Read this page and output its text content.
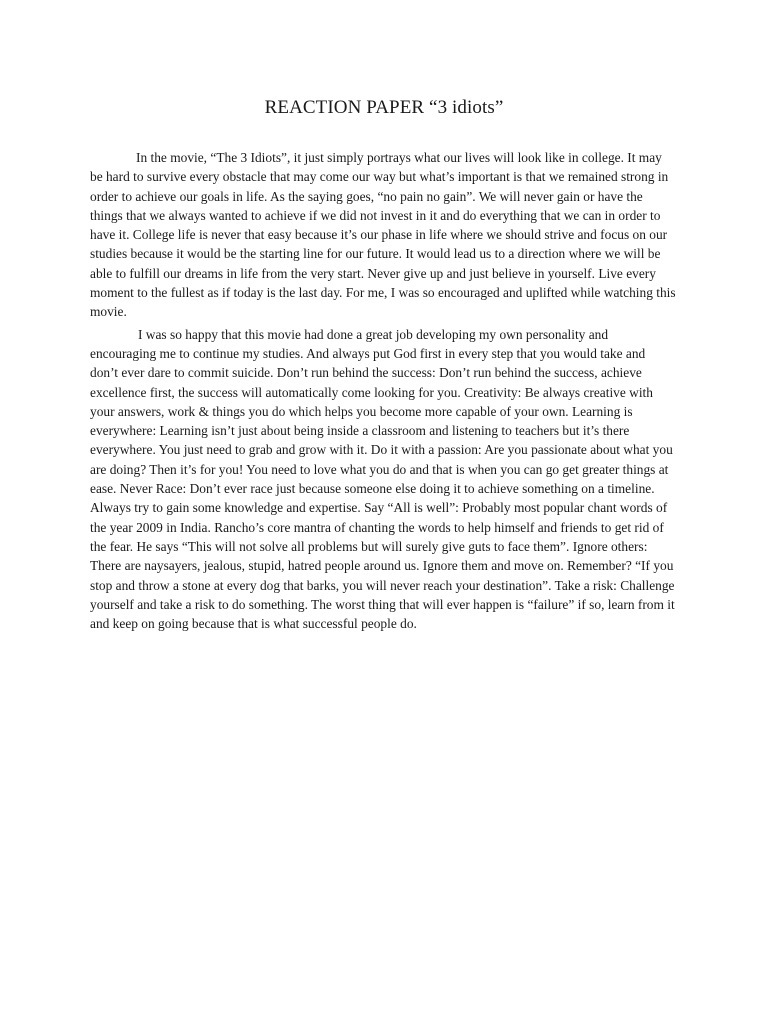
REACTION PAPER “3 idiots”

In the movie, “The 3 Idiots”, it just simply portrays what our lives will look like in college. It may be hard to survive every obstacle that may come our way but what’s important is that we remained strong in order to achieve our goals in life. As the saying goes, “no pain no gain”. We will never gain or have the things that we always wanted to achieve if we did not invest in it and do everything that we can in order to have it. College life is never that easy because it’s our phase in life where we should strive and focus on our studies because it would be the starting line for our future. It would lead us to a direction where we will be able to fulfill our dreams in life from the very start. Never give up and just believe in yourself. Live every moment to the fullest as if today is the last day. For me, I was so encouraged and uplifted while watching this movie.

I was so happy that this movie had done a great job developing my own personality and encouraging me to continue my studies. And always put God first in every step that you would take and don’t ever dare to commit suicide. Don’t run behind the success: Don’t run behind the success, achieve excellence first, the success will automatically come looking for you. Creativity: Be always creative with your answers, work & things you do which helps you become more capable of your own. Learning is everywhere: Learning isn’t just about being inside a classroom and listening to teachers but it’s there everywhere. You just need to grab and grow with it. Do it with a passion: Are you passionate about what you are doing? Then it’s for you! You need to love what you do and that is when you can go get greater things at ease. Never Race: Don’t ever race just because someone else doing it to achieve something on a timeline. Always try to gain some knowledge and expertise. Say “All is well”: Probably most popular chant words of the year 2009 in India. Rancho’s core mantra of chanting the words to help himself and friends to get rid of the fear. He says “This will not solve all problems but will surely give guts to face them”. Ignore others: There are naysayers, jealous, stupid, hatred people around us. Ignore them and move on. Remember? “If you stop and throw a stone at every dog that barks, you will never reach your destination”. Take a risk: Challenge yourself and take a risk to do something. The worst thing that will ever happen is “failure” if so, learn from it and keep on going because that is what successful people do.
